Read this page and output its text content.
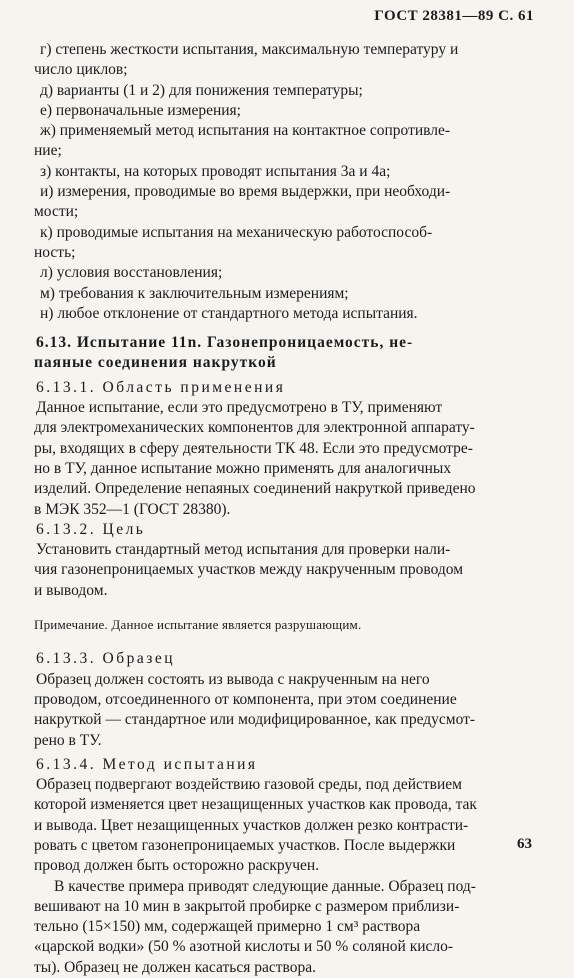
ГОСТ 28381—89 С. 61
г) степень жесткости испытания, максимальную температуру и
число циклов;
д) варианты (1 и 2) для понижения температуры;
е) первоначальные измерения;
ж) применяемый метод испытания на контактное сопротивле-
ние;
з) контакты, на которых проводят испытания 3а и 4а;
и) измерения, проводимые во время выдержки, при необходи-
мости;
к) проводимые испытания на механическую работоспособ-
ность;
л) условия восстановления;
м) требования к заключительным измерениям;
н) любое отклонение от стандартного метода испытания.
6.13. Испытание 11n. Газонепроницаемость, не-
паяные соединения накруткой
6.13.1. Область применения
Данное испытание, если это предусмотрено в ТУ, применяют
для электромеханических компонентов для электронной аппарату-
ры, входящих в сферу деятельности ТК 48. Если это предусмотре-
но в ТУ, данное испытание можно применять для аналогичных
изделий. Определение непаяных соединений накруткой приведено
в МЭК 352—1 (ГОСТ 28380).
6.13.2. Цель
Установить стандартный метод испытания для проверки нали-
чия газонепроницаемых участков между накрученным проводом
и выводом.
Примечание. Данное испытание является разрушающим.
6.13.3. Образец
Образец должен состоять из вывода с накрученным на него
проводом, отсоединенного от компонента, при этом соединение
накруткой — стандартное или модифицированное, как предусмот-
рено в ТУ.
6.13.4. Метод испытания
Образец подвергают воздействию газовой среды, под действием
которой изменяется цвет незащищенных участков как провода, так
и вывода. Цвет незащищенных участков должен резко контрасти-
ровать с цветом газонепроницаемых участков. После выдержки
провод должен быть осторожно раскручен.
В качестве примера приводят следующие данные. Образец под-
вешивают на 10 мин в закрытой пробирке с размером приблизи-
тельно (15×150) мм, содержащей примерно 1 см³ раствора
«царской водки» (50 % азотной кислоты и 50 % соляной кисло-
ты). Образец не должен касаться раствора.
63
